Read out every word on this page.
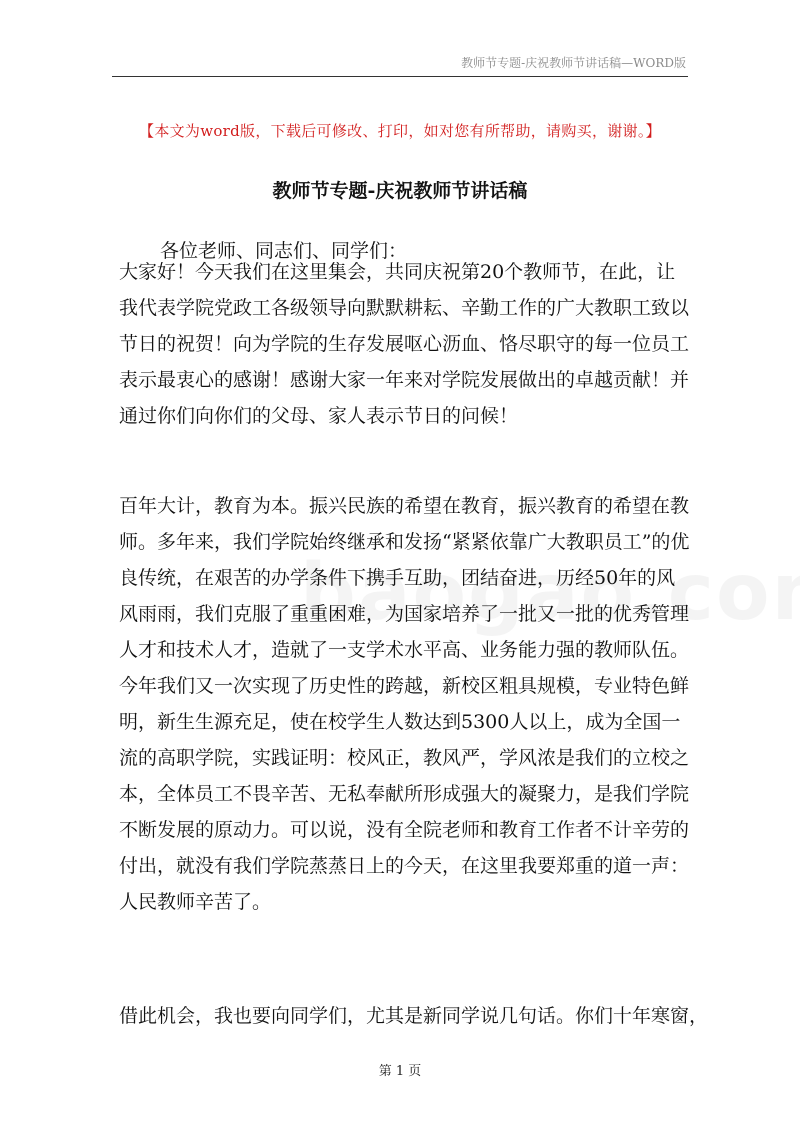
教师节专题-庆祝教师节讲话稿—WORD版
【本文为word版，下载后可修改、打印，如对您有所帮助，请购买，谢谢。】
教师节专题-庆祝教师节讲话稿
各位老师、同志们、同学们：
大家好！今天我们在这里集会，共同庆祝第20个教师节，在此，让
我代表学院党政工各级领导向默默耕耘、辛勤工作的广大教职工致以
节日的祝贺！向为学院的生存发展呕心沥血、恪尽职守的每一位员工
表示最衷心的感谢！感谢大家一年来对学院发展做出的卓越贡献！并
通过你们向你们的父母、家人表示节日的问候！
百年大计，教育为本。振兴民族的希望在教育，振兴教育的希望在教
师。多年来，我们学院始终继承和发扬“紧紧依靠广大教职员工”的优
良传统，在艰苦的办学条件下携手互助，团结奋进，历经50年的风
风雨雨，我们克服了重重困难，为国家培养了一批又一批的优秀管理
人才和技术人才，造就了一支学术水平高、业务能力强的教师队伍。
今年我们又一次实现了历史性的跨越，新校区粗具规模，专业特色鲜
明，新生生源充足，使在校学生人数达到5300人以上，成为全国一
流的高职学院，实践证明：校风正，教风严，学风浓是我们的立校之
本，全体员工不畏辛苦、无私奉献所形成强大的凝聚力，是我们学院
不断发展的原动力。可以说，没有全院老师和教育工作者不计辛劳的
付出，就没有我们学院蒸蒸日上的今天，在这里我要郑重的道一声：
人民教师辛苦了。
借此机会，我也要向同学们，尤其是新同学说几句话。你们十年寒窗，
第 1 页
